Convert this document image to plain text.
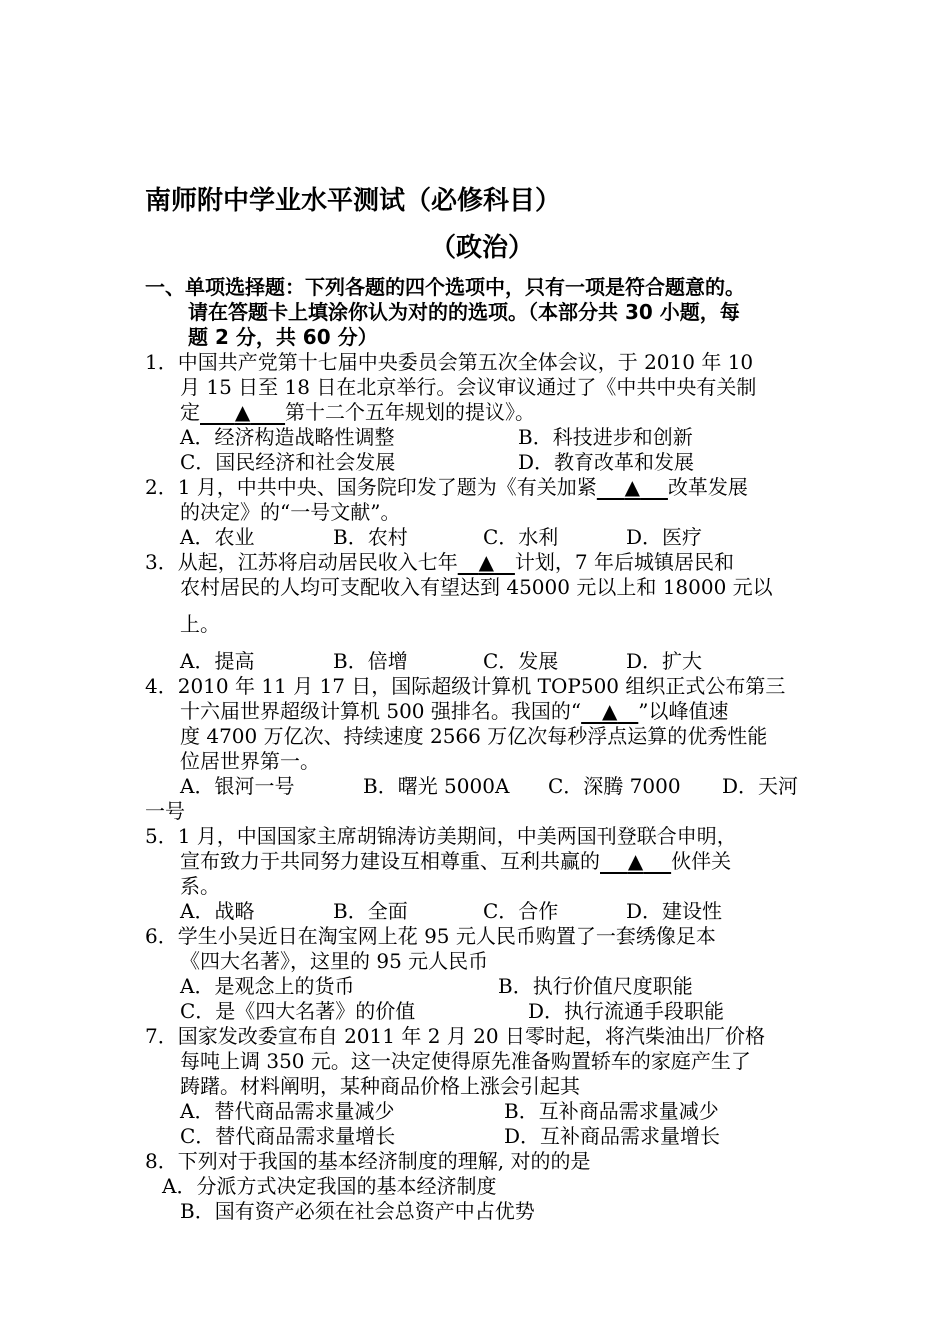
南师附中学业水平测试（必修科目）
（政治）
一、单项选择题：下列各题的四个选项中，只有一项是符合题意的。
请在答题卡上填涂你认为对的的选项。（本部分共 30 小题，每
题 2 分，共 60 分）
1．中国共产党第十七届中央委员会第五次全体会议，于 2010 年 10
月 15 日至 18 日在北京举行。会议审议通过了《中共中央有关制
定 ▲ 第十二个五年规划的提议》。
A．经济构造战略性调整	B．科技进步和创新
C．国民经济和社会发展	D．教育改革和发展
2．1 月，中共中央、国务院印发了题为《有关加紧 ▲ 改革发展
的决定》的“一号文献”。
A．农业	B．农村	C．水利	D．医疗
3．从起，江苏将启动居民收入七年 ▲ 计划，7 年后城镇居民和
农村居民的人均可支配收入有望达到 45000 元以上和 18000 元以
上。
A．提高	B．倍增	C．发展	D．扩大
4．2010 年 11 月 17 日，国际超级计算机 TOP500 组织正式公布第三
十六届世界超级计算机 500 强排名。我国的“ ▲ ”以峰值速
度 4700 万亿次、持续速度 2566 万亿次每秒浮点运算的优秀性能
位居世界第一。
A．银河一号	B．曙光 5000A C．深腾 7000 D．天河
一号
5．1 月，中国国家主席胡锦涛访美期间，中美两国刊登联合申明，
宣布致力于共同努力建设互相尊重、互利共赢的 ▲ 伙伴关
系。
A．战略	B．全面	C．合作	D．建设性
6．学生小吴近日在淘宝网上花 95 元人民币购置了一套绣像足本
《四大名著》，这里的 95 元人民币
A．是观念上的货币	B．执行价值尺度职能
C．是《四大名著》的价值	D．执行流通手段职能
7．国家发改委宣布自 2011 年 2 月 20 日零时起，将汽柴油出厂价格
每吨上调 350 元。这一决定使得原先准备购置轿车的家庭产生了
踌躇。材料阐明，某种商品价格上涨会引起其
A．替代商品需求量减少	B．互补商品需求量减少
C．替代商品需求量增长	D．互补商品需求量增长
8．下列对于我国的基本经济制度的理解, 对的的是
A．分派方式决定我国的基本经济制度
B．国有资产必须在社会总资产中占优势
